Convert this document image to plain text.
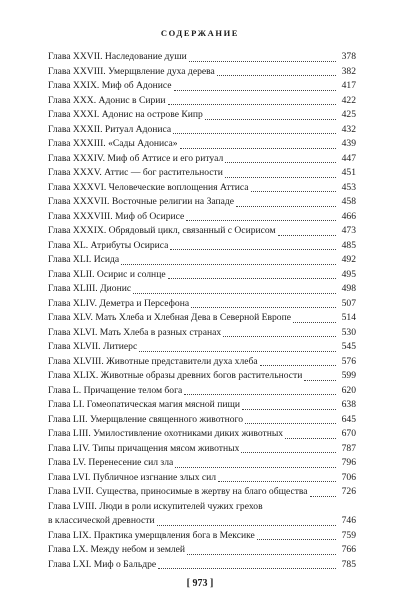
СОДЕРЖАНИЕ
Глава XXVII. Наследование души	378
Глава XXVIII. Умерщвление духа дерева	382
Глава XXIX. Миф об Адонисе	417
Глава XXX. Адонис в Сирии	422
Глава XXXI. Адонис на острове Кипр	425
Глава XXXII. Ритуал Адониса	432
Глава XXXIII. «Сады Адониса»	439
Глава XXXIV. Миф об Аттисе и его ритуал	447
Глава XXXV. Аттис — бог растительности	451
Глава XXXVI. Человеческие воплощения Аттиса	453
Глава XXXVII. Восточные религии на Западе	458
Глава XXXVIII. Миф об Осирисе	466
Глава XXXIX. Обрядовый цикл, связанный с Осирисом	473
Глава XL. Атрибуты Осириса	485
Глава XLI. Исида	492
Глава XLII. Осирис и солнце	495
Глава XLIII. Дионис	498
Глава XLIV. Деметра и Персефона	507
Глава XLV. Мать Хлеба и Хлебная Дева в Северной Европе	514
Глава XLVI. Мать Хлеба в разных странах	530
Глава XLVII. Литиерс	545
Глава XLVIII. Животные представители духа хлеба	576
Глава XLIX. Животные образы древних богов растительности	599
Глава L. Причащение телом бога	620
Глава LI. Гомеопатическая магия мясной пищи	638
Глава LII. Умерщвление священного животного	645
Глава LIII. Умилостивление охотниками диких животных	670
Глава LIV. Типы причащения мясом животных	787
Глава LV. Перенесение сил зла	796
Глава LVI. Публичное изгнание злых сил	706
Глава LVII. Существа, приносимые в жертву на благо общества	726
Глава LVIII. Люди в роли искупителей чужих грехов
в классической древности	746
Глава LIX. Практика умерщвления бога в Мексике	759
Глава LX. Между небом и землей	766
Глава LXI. Миф о Бальдре	785
[ 973 ]
